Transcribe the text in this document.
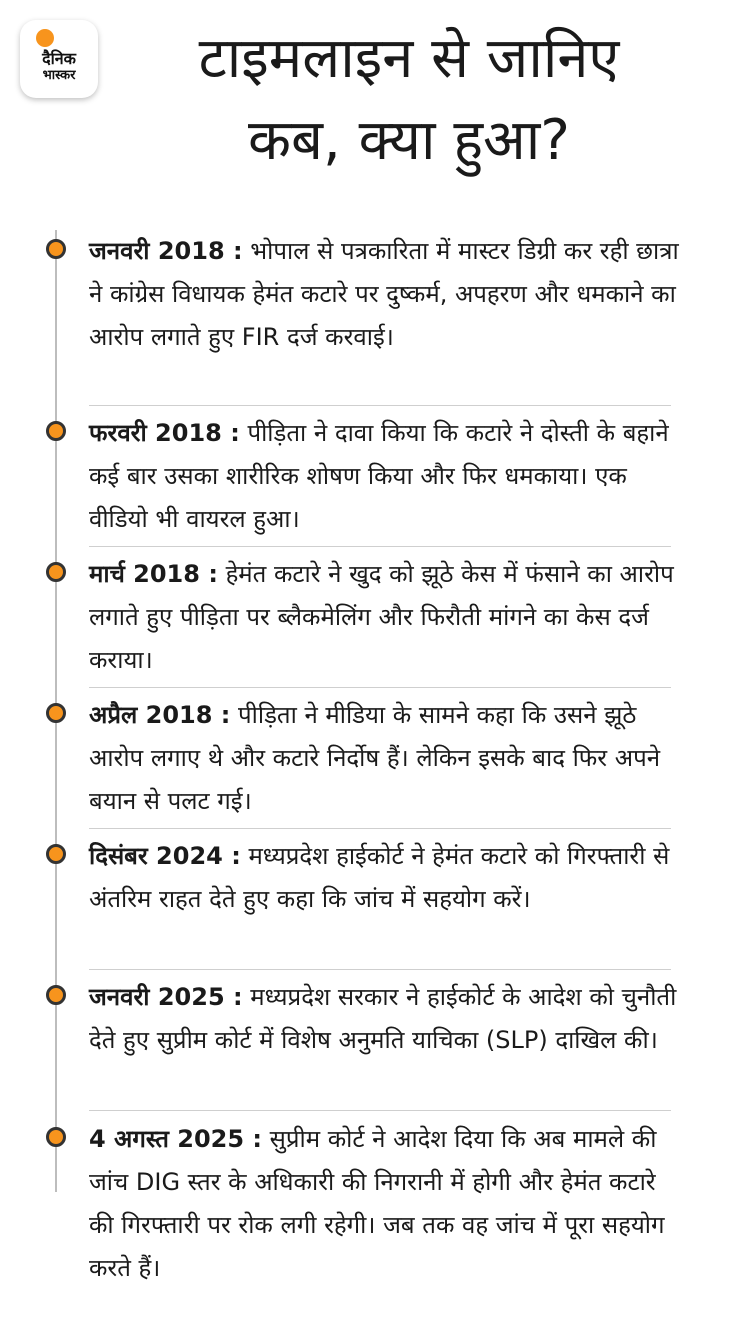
दैनिक
भास्कर	टाइमलाइन से जानिए
कब, क्या हुआ?
जनवरी 2018 : भोपाल से पत्रकारिता में मास्टर डिग्री कर रही छात्रा ने कांग्रेस विधायक हेमंत कटारे पर दुष्कर्म, अपहरण और धमकाने का आरोप लगाते हुए FIR दर्ज करवाई।
फरवरी 2018 : पीड़िता ने दावा किया कि कटारे ने दोस्ती के बहाने कई बार उसका शारीरिक शोषण किया और फिर धमकाया। एक वीडियो भी वायरल हुआ।
मार्च 2018 : हेमंत कटारे ने खुद को झूठे केस में फंसाने का आरोप लगाते हुए पीड़िता पर ब्लैकमेलिंग और फिरौती मांगने का केस दर्ज कराया।
अप्रैल 2018 : पीड़िता ने मीडिया के सामने कहा कि उसने झूठे आरोप लगाए थे और कटारे निर्दोष हैं। लेकिन इसके बाद फिर अपने बयान से पलट गई।
दिसंबर 2024 : मध्यप्रदेश हाईकोर्ट ने हेमंत कटारे को गिरफ्तारी से अंतरिम राहत देते हुए कहा कि जांच में सहयोग करें।
जनवरी 2025 : मध्यप्रदेश सरकार ने हाईकोर्ट के आदेश को चुनौती देते हुए सुप्रीम कोर्ट में विशेष अनुमति याचिका (SLP) दाखिल की।
4 अगस्त 2025 : सुप्रीम कोर्ट ने आदेश दिया कि अब मामले की जांच DIG स्तर के अधिकारी की निगरानी में होगी और हेमंत कटारे की गिरफ्तारी पर रोक लगी रहेगी। जब तक वह जांच में पूरा सहयोग करते हैं।
